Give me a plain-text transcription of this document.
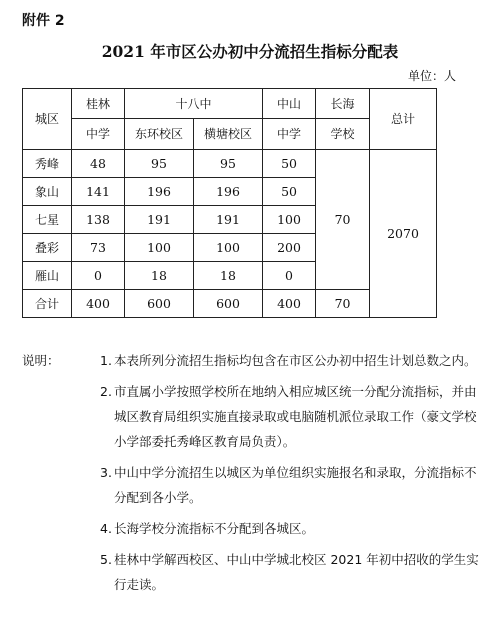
附件 2
2021 年市区公办初中分流招生指标分配表
单位：人
城区	桂林	十八中		中山	长海	总计
	中学	东环校区	横塘校区	中学	学校	
秀峰	48	95	95	50	70	2070
象山	141	196	196	50		
七星	138	191	191	100		
叠彩	73	100	100	200		
雁山	0	18	18	0		
合计	400	600	600	400	70	
说明：	1. 本表所列分流招生指标均包含在市区公办初中招生计划总数之内。
2. 市直属小学按照学校所在地纳入相应城区统一分配分流指标，并由城区教育局组织实施直接录取或电脑随机派位录取工作（豪文学校小学部委托秀峰区教育局负责）。
3. 中山中学分流招生以城区为单位组织实施报名和录取，分流指标不分配到各小学。
4. 长海学校分流指标不分配到各城区。
5. 桂林中学解西校区、中山中学城北校区 2021 年初中招收的学生实行走读。
